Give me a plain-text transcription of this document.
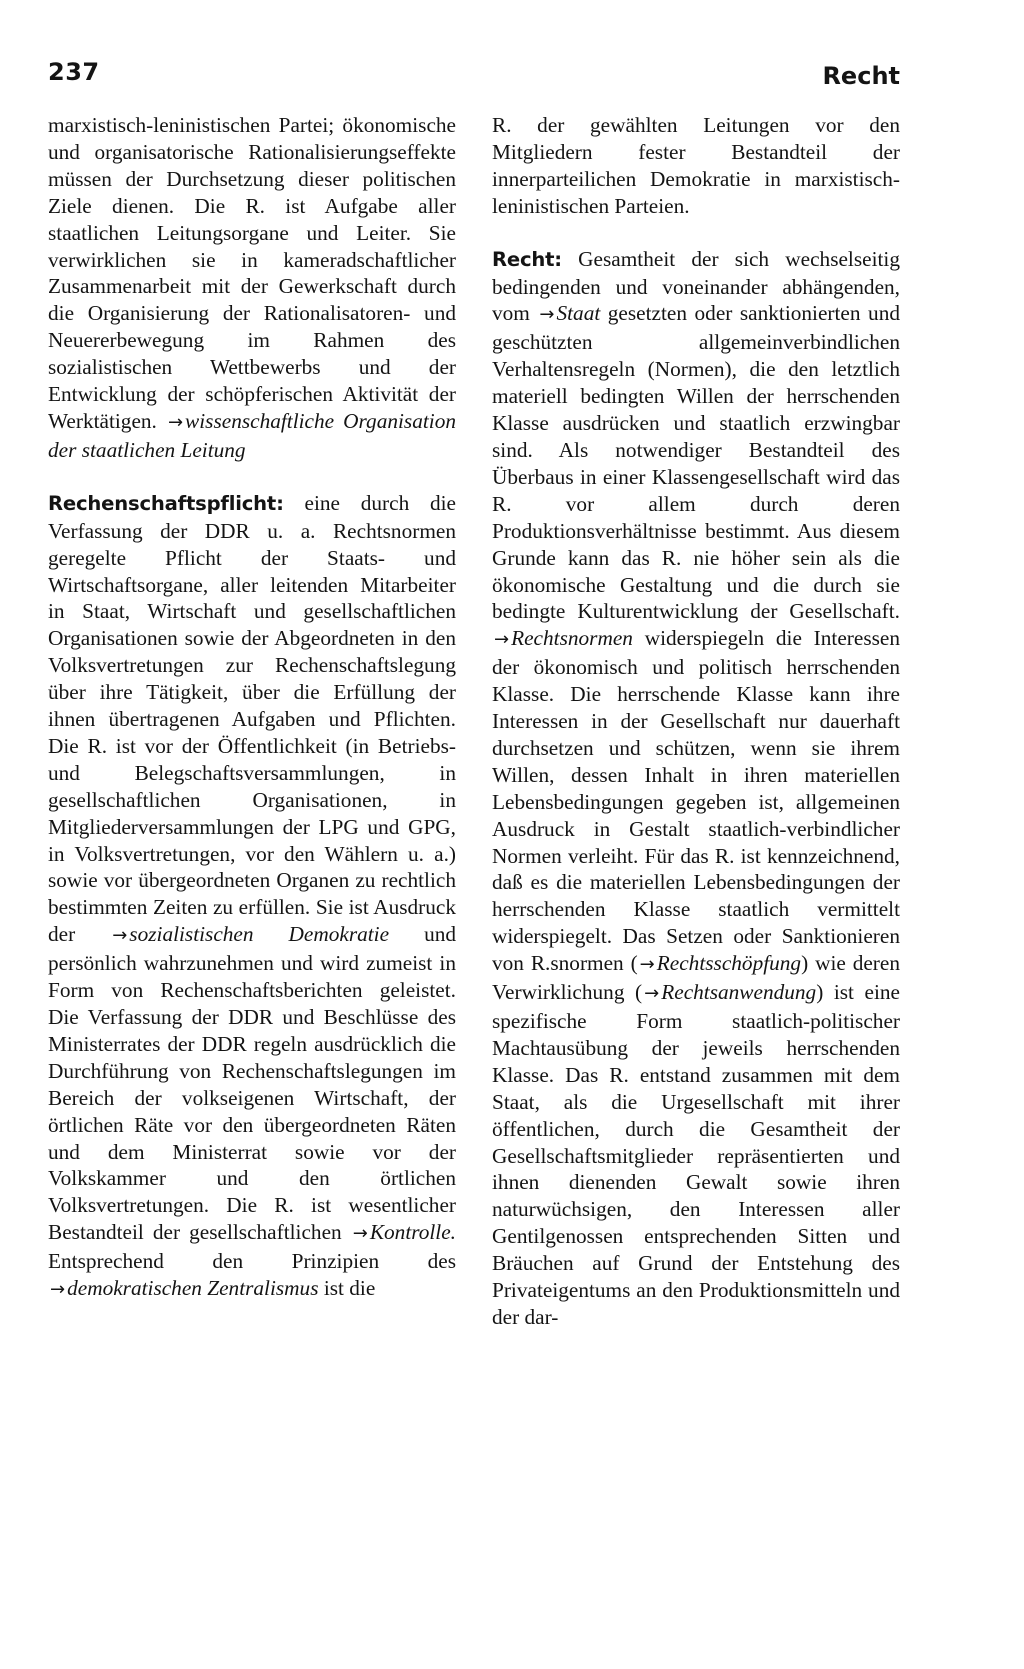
237	Recht

marxistisch-leninistischen Partei; ökonomische und organisatorische Rationalisierungseffekte müssen der Durchsetzung dieser politischen Ziele dienen. Die R. ist Aufgabe aller staatlichen Leitungsorgane und Leiter. Sie verwirklichen sie in kameradschaftlicher Zusammenarbeit mit der Gewerkschaft durch die Organisierung der Rationalisatoren- und Neuererbewegung im Rahmen des sozialistischen Wettbewerbs und der Entwicklung der schöpferischen Aktivität der Werktätigen. →wissenschaftliche Organisation der staatlichen Leitung

Rechenschaftspflicht: eine durch die Verfassung der DDR u. a. Rechtsnormen geregelte Pflicht der Staats- und Wirtschaftsorgane, aller leitenden Mitarbeiter in Staat, Wirtschaft und gesellschaftlichen Organisationen sowie der Abgeordneten in den Volksvertretungen zur Rechenschaftslegung über ihre Tätigkeit, über die Erfüllung der ihnen übertragenen Aufgaben und Pflichten. Die R. ist vor der Öffentlichkeit (in Betriebs- und Belegschaftsversammlungen, in gesellschaftlichen Organisationen, in Mitgliederversammlungen der LPG und GPG, in Volksvertretungen, vor den Wählern u. a.) sowie vor übergeordneten Organen zu rechtlich bestimmten Zeiten zu erfüllen. Sie ist Ausdruck der →sozialistischen Demokratie und persönlich wahrzunehmen und wird zumeist in Form von Rechenschaftsberichten geleistet. Die Verfassung der DDR und Beschlüsse des Ministerrates der DDR regeln ausdrücklich die Durchführung von Rechenschaftslegungen im Bereich der volkseigenen Wirtschaft, der örtlichen Räte vor den übergeordneten Räten und dem Ministerrat sowie vor der Volkskammer und den örtlichen Volksvertretungen. Die R. ist wesentlicher Bestandteil der gesellschaftlichen →Kontrolle. Entsprechend den Prinzipien des →demokratischen Zentralismus ist die

R. der gewählten Leitungen vor den Mitgliedern fester Bestandteil der innerparteilichen Demokratie in marxistisch-leninistischen Parteien.

Recht: Gesamtheit der sich wechselseitig bedingenden und voneinander abhängenden, vom →Staat gesetzten oder sanktionierten und geschützten allgemeinverbindlichen Verhaltensregeln (Normen), die den letztlich materiell bedingten Willen der herrschenden Klasse ausdrücken und staatlich erzwingbar sind. Als notwendiger Bestandteil des Überbaus in einer Klassengesellschaft wird das R. vor allem durch deren Produktionsverhältnisse bestimmt. Aus diesem Grunde kann das R. nie höher sein als die ökonomische Gestaltung und die durch sie bedingte Kulturentwicklung der Gesellschaft. →Rechtsnormen widerspiegeln die Interessen der ökonomisch und politisch herrschenden Klasse. Die herrschende Klasse kann ihre Interessen in der Gesellschaft nur dauerhaft durchsetzen und schützen, wenn sie ihrem Willen, dessen Inhalt in ihren materiellen Lebensbedingungen gegeben ist, allgemeinen Ausdruck in Gestalt staatlich-verbindlicher Normen verleiht. Für das R. ist kennzeichnend, daß es die materiellen Lebensbedingungen der herrschenden Klasse staatlich vermittelt widerspiegelt. Das Setzen oder Sanktionieren von R.snormen ( →Rechtsschöpfung) wie deren Verwirklichung ( →Rechtsanwendung) ist eine spezifische Form staatlich-politischer Machtausübung der jeweils herrschenden Klasse. Das R. entstand zusammen mit dem Staat, als die Urgesellschaft mit ihrer öffentlichen, durch die Gesamtheit der Gesellschaftsmitglieder repräsentierten und ihnen dienenden Gewalt sowie ihren naturwüchsigen, den Interessen aller Gentilgenossen entsprechenden Sitten und Bräuchen auf Grund der Entstehung des Privateigentums an den Produktionsmitteln und der dar-
